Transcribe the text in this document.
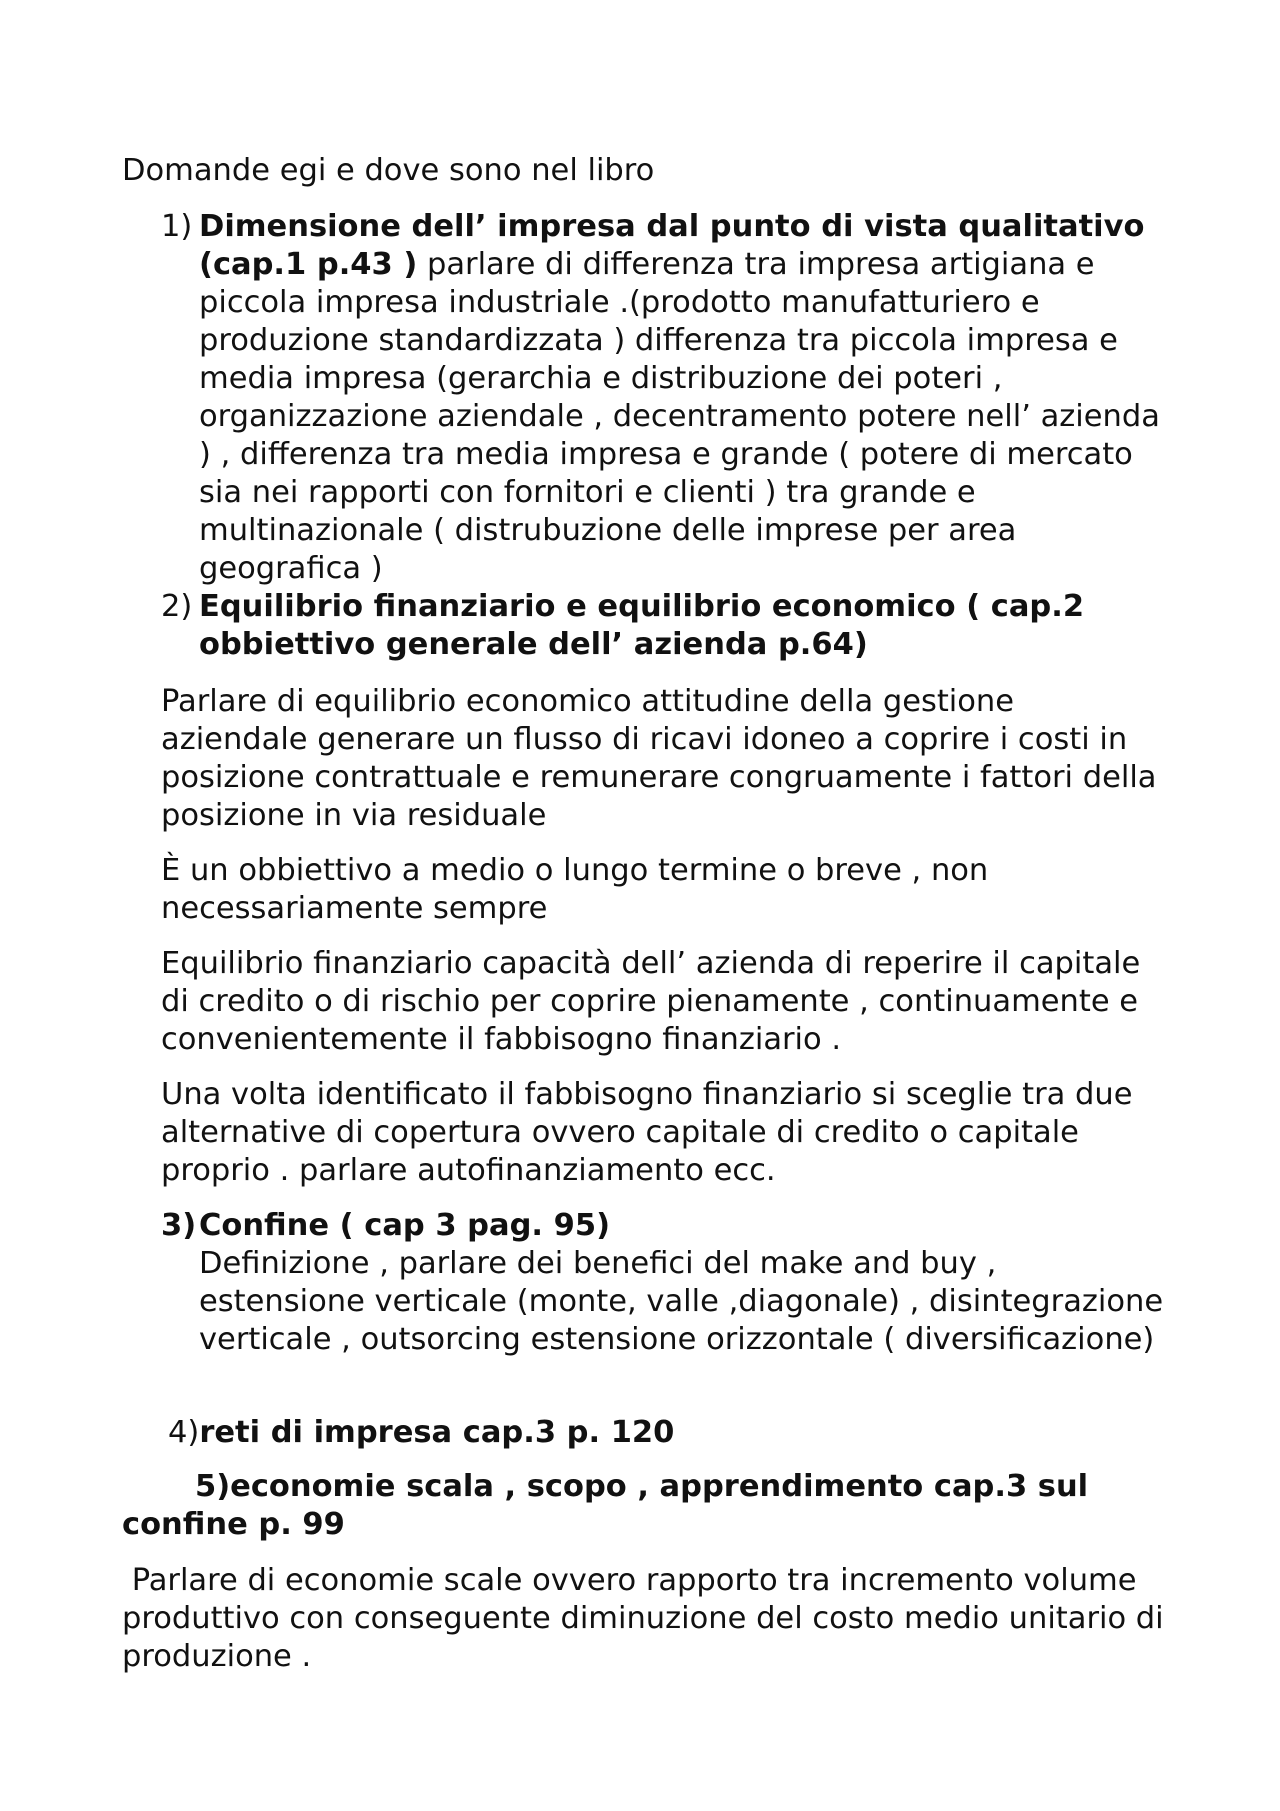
Domande egi e dove sono nel libro
1) Dimensione dell’ impresa dal punto di vista qualitativo
(cap.1 p.43 ) parlare di differenza tra impresa artigiana e
piccola impresa industriale .(prodotto manufatturiero e
produzione standardizzata ) differenza tra piccola impresa e
media impresa (gerarchia e distribuzione dei poteri ,
organizzazione aziendale , decentramento potere nell’ azienda
) , differenza tra media impresa e grande ( potere di mercato
sia nei rapporti con fornitori e clienti ) tra grande e
multinazionale ( distrubuzione delle imprese per area
geografica )
2) Equilibrio finanziario e equilibrio economico ( cap.2
obbiettivo generale dell’ azienda p.64)
Parlare di equilibrio economico attitudine della gestione
aziendale generare un flusso di ricavi idoneo a coprire i costi in
posizione contrattuale e remunerare congruamente i fattori della
posizione in via residuale
È un obbiettivo a medio o lungo termine o breve , non
necessariamente sempre
Equilibrio finanziario capacità dell’ azienda di reperire il capitale
di credito o di rischio per coprire pienamente , continuamente e
convenientemente il fabbisogno finanziario .
Una volta identificato il fabbisogno finanziario si sceglie tra due
alternative di copertura ovvero capitale di credito o capitale
proprio . parlare autofinanziamento ecc.
3) Confine ( cap 3 pag. 95)
Definizione , parlare dei benefici del make and buy ,
estensione verticale (monte, valle ,diagonale) , disintegrazione
verticale , outsorcing estensione orizzontale ( diversificazione)
4)reti di impresa cap.3 p. 120
5)economie scala , scopo , apprendimento cap.3 sul
confine p. 99
Parlare di economie scale ovvero rapporto tra incremento volume
produttivo con conseguente diminuzione del costo medio unitario di
produzione .
